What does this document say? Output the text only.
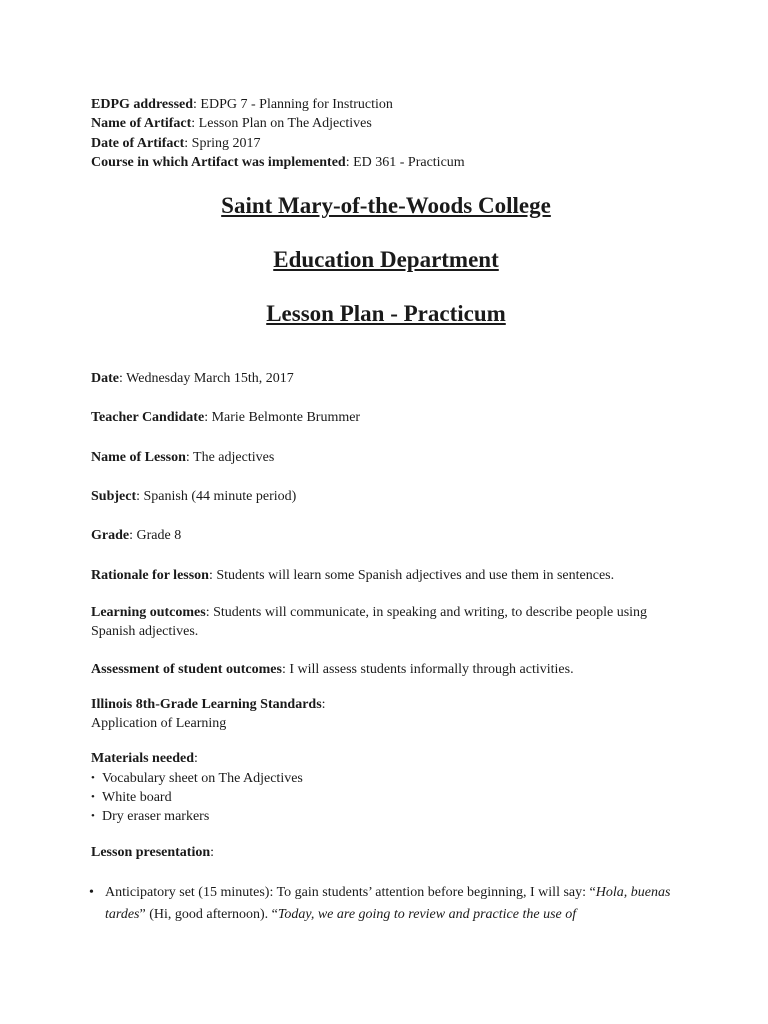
EDPG addressed: EDPG 7 - Planning for Instruction
Name of Artifact: Lesson Plan on The Adjectives
Date of Artifact: Spring 2017
Course in which Artifact was implemented: ED 361 - Practicum
Saint Mary-of-the-Woods College
Education Department
Lesson Plan - Practicum

Date: Wednesday March 15th, 2017

Teacher Candidate: Marie Belmonte Brummer

Name of Lesson: The adjectives

Subject: Spanish (44 minute period)

Grade: Grade 8

Rationale for lesson: Students will learn some Spanish adjectives and use them in sentences.

Learning outcomes: Students will communicate, in speaking and writing, to describe people using Spanish adjectives.

Assessment of student outcomes: I will assess students informally through activities.

Illinois 8th-Grade Learning Standards:
Application of Learning
Materials needed:
• Vocabulary sheet on The Adjectives
• White board
• Dry eraser markers
Lesson presentation:
• Anticipatory set (15 minutes): To gain students’ attention before beginning, I will say: “Hola, buenas tardes” (Hi, good afternoon). “Today, we are going to review and practice the use of
